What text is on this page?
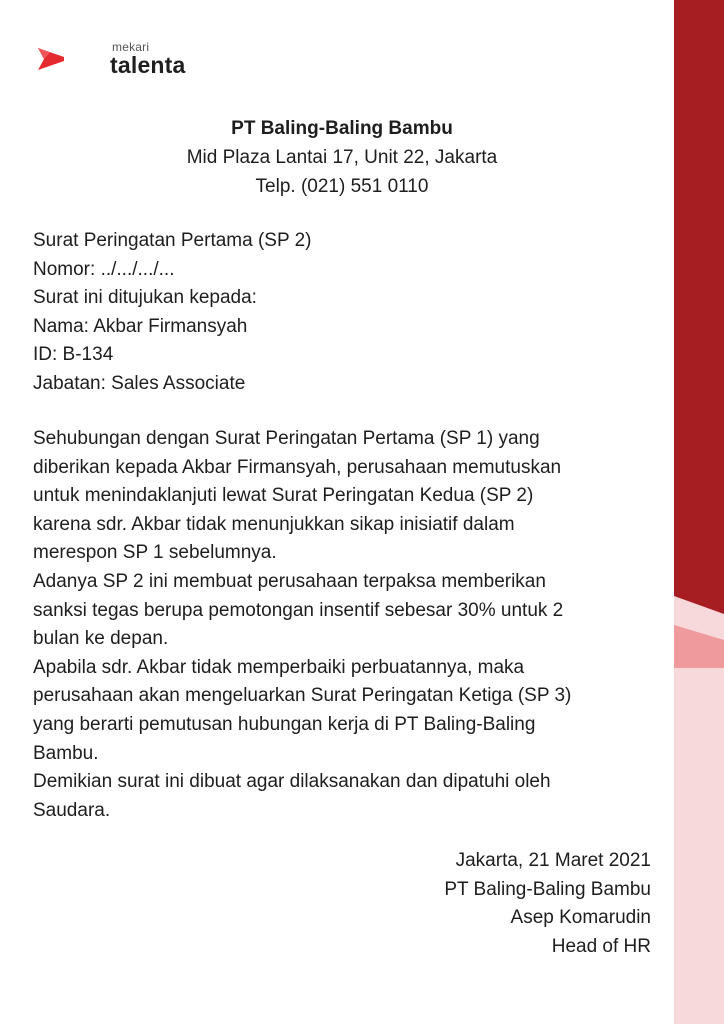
mekari
talenta
PT Baling-Baling Bambu
Mid Plaza Lantai 17, Unit 22, Jakarta
Telp. (021) 551 0110
Surat Peringatan Pertama (SP 2)
Nomor: ../.../.../...
Surat ini ditujukan kepada:
Nama: Akbar Firmansyah
ID: B-134
Jabatan: Sales Associate
Sehubungan dengan Surat Peringatan Pertama (SP 1) yang
diberikan kepada Akbar Firmansyah, perusahaan memutuskan
untuk menindaklanjuti lewat Surat Peringatan Kedua (SP 2)
karena sdr. Akbar tidak menunjukkan sikap inisiatif dalam
merespon SP 1 sebelumnya.
Adanya SP 2 ini membuat perusahaan terpaksa memberikan
sanksi tegas berupa pemotongan insentif sebesar 30% untuk 2
bulan ke depan.
Apabila sdr. Akbar tidak memperbaiki perbuatannya, maka
perusahaan akan mengeluarkan Surat Peringatan Ketiga (SP 3)
yang berarti pemutusan hubungan kerja di PT Baling-Baling
Bambu.
Demikian surat ini dibuat agar dilaksanakan dan dipatuhi oleh
Saudara.
Jakarta, 21 Maret 2021
PT Baling-Baling Bambu
Asep Komarudin
Head of HR
